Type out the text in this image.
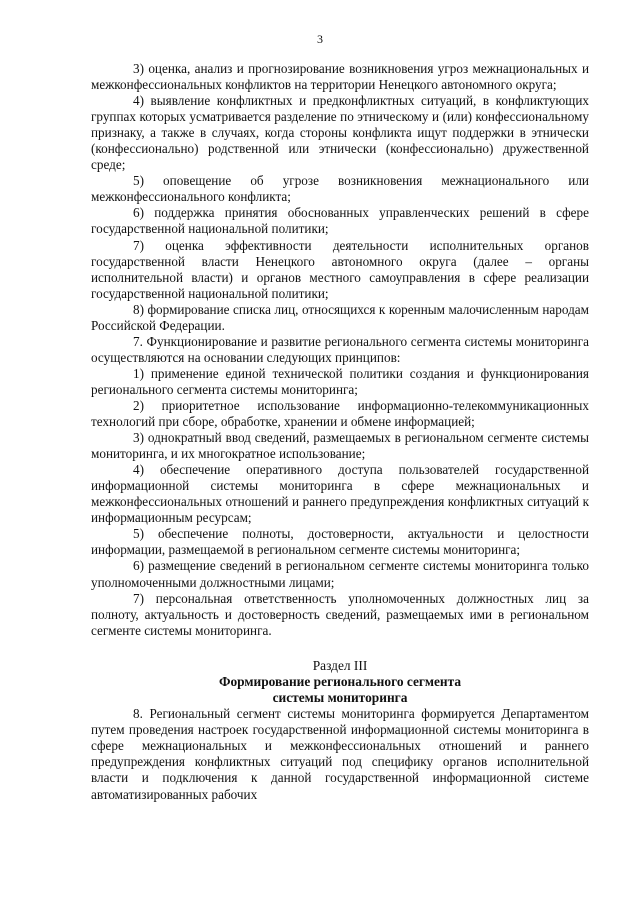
3

3) оценка, анализ и прогнозирование возникновения угроз межнациональных и межконфессиональных конфликтов на территории Ненецкого автономного округа;

4) выявление конфликтных и предконфликтных ситуаций, в конфликтующих группах которых усматривается разделение по этническому и (или) конфессиональному признаку, а также в случаях, когда стороны конфликта ищут поддержки в этнически (конфессионально) родственной или этнически (конфессионально) дружественной среде;

5) оповещение об угрозе возникновения межнационального или межконфессионального конфликта;

6) поддержка принятия обоснованных управленческих решений в сфере государственной национальной политики;

7) оценка эффективности деятельности исполнительных органов государственной власти Ненецкого автономного округа (далее – органы исполнительной власти) и органов местного самоуправления в сфере реализации государственной национальной политики;

8) формирование списка лиц, относящихся к коренным малочисленным народам Российской Федерации.

7. Функционирование и развитие регионального сегмента системы мониторинга осуществляются на основании следующих принципов:

1) применение единой технической политики создания и функционирования регионального сегмента системы мониторинга;

2) приоритетное использование информационно-телекоммуникационных технологий при сборе, обработке, хранении и обмене информацией;

3) однократный ввод сведений, размещаемых в региональном сегменте системы мониторинга, и их многократное использование;

4) обеспечение оперативного доступа пользователей государственной информационной системы мониторинга в сфере межнациональных и межконфессиональных отношений и раннего предупреждения конфликтных ситуаций к информационным ресурсам;

5) обеспечение полноты, достоверности, актуальности и целостности информации, размещаемой в региональном сегменте системы мониторинга;

6) размещение сведений в региональном сегменте системы мониторинга только уполномоченными должностными лицами;

7) персональная ответственность уполномоченных должностных лиц за полноту, актуальность и достоверность сведений, размещаемых ими в региональном сегменте системы мониторинга.

Раздел III
Формирование регионального сегмента
системы мониторинга

8. Региональный сегмент системы мониторинга формируется Департаментом путем проведения настроек государственной информационной системы мониторинга в сфере межнациональных и межконфессиональных отношений и раннего предупреждения конфликтных ситуаций под специфику органов исполнительной власти и подключения к данной государственной информационной системе автоматизированных рабочих
